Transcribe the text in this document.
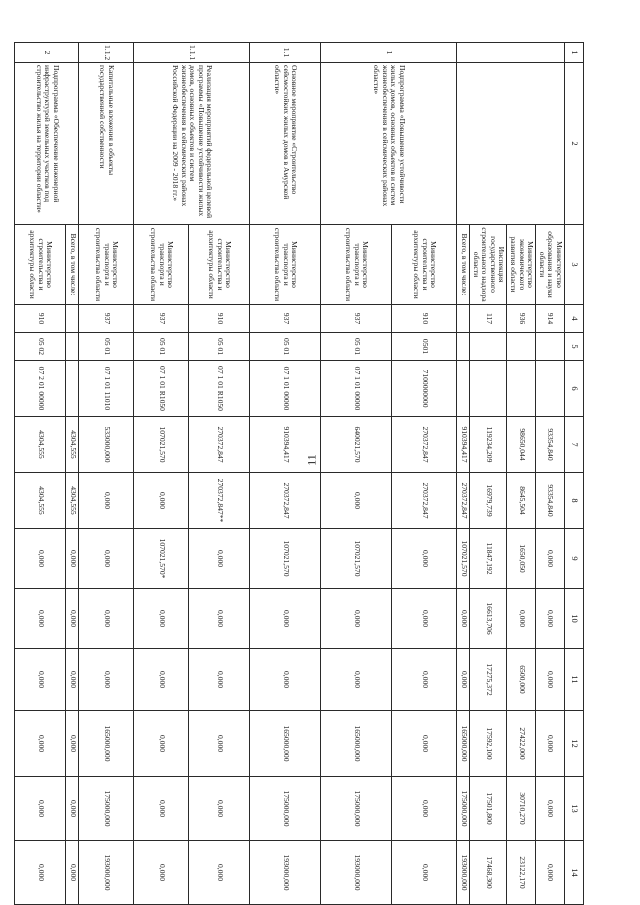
11
1	2	3	4	5	6	7	8	9	10	11	12	13	14
		Министерство образования и науки области	914			93354,840	93354,840	0,000	0,000	0,000	0,000	0,000	0,000
		Министерство экономического развития области	936			98650,044	8645,504	1650,050	0,000	6500,000	27422,000	30710,270	23122,170
		Инспекция государственного строительного надзора области	117			119234,209	16979,739	11847,192	16613,706	17275,372	17592,100	17501,800	17468,300
		Всего, в том числе:				910394,417	270372,847	107021,570	0,000	0,000	165000,000	175000,000	193000,000
1	Подпрограмма «Повышение устойчивости жилых домов, основных объектов и систем жизнеобеспечения в сейсмических районах области»	Министерство строительства и архитектуры области	910	0501	7100000000	270372,847	270372,847	0,000	0,000	0,000	0,000	0,000	0,000
		Министерство транспорта и строительства области	937	05 01	07 1 01 00000	640021,570	0,000	107021,570	0,000	0,000	165000,000	175000,000	193000,000
1.1	Основное мероприятие «Строительство сейсмостойких жилых домов в Амурской области»	Министерство транспорта и строительства области	937	05 01	07 1 01 00000	910394,417	270372,847	107021,570	0,000	0,000	165000,000	175000,000	193000,000
1.1.1	Реализация мероприятий федеральной целевой программы «Повышение устойчивости жилых домов, основных объектов и систем жизнеобеспечения в сейсмических районах Российской Федерации на 2009 - 2018 гг.»	Министерство строительства и архитектуры области	910	05 01	07 1 01 R1050	270372,847	270372,847**	0,000	0,000	0,000	0,000	0,000	0,000
		Министерство транспорта и строительства области	937	05 01	07 1 01 R1050	107021,570	0,000	107021,570*	0,000	0,000	0,000	0,000	0,000
1.1.2	Капитальные вложения в объекты государственной собственности	Министерство транспорта и строительства области	937	05 01	07 1 01 11010	533000,000	0,000	0,000	0,000	0,000	165000,000	175000,000	193000,000
2	Подпрограмма «Обеспечение инженерной инфраструктурой земельных участков под строительство жилья на территории области»	Всего, в том числе:				4304,555	4304,555	0,000	0,000	0,000	0,000	0,000	0,000
		Министерство строительства и архитектуры области	910	05 02	07 2 01 00000	4304,555	4304,555	0,000	0,000	0,000	0,000	0,000	0,000
